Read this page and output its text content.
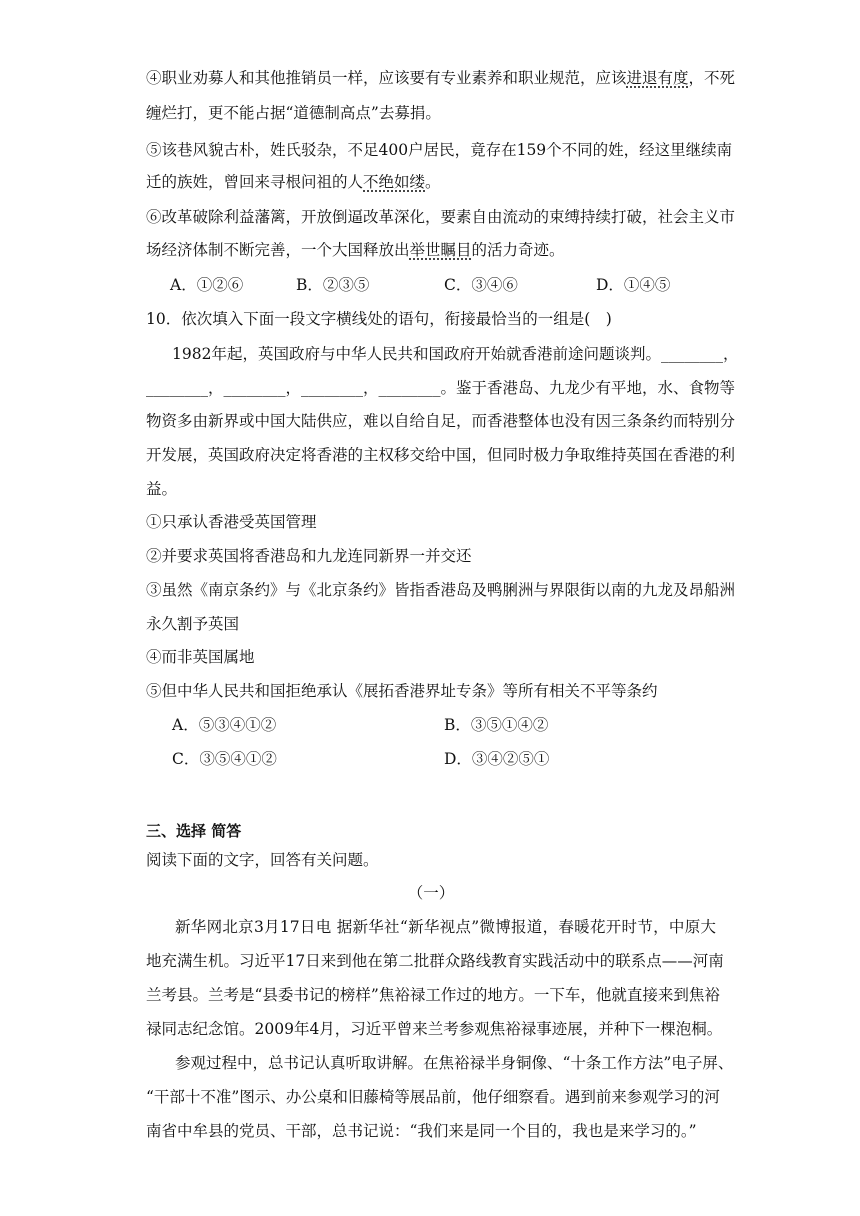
④职业劝募人和其他推销员一样，应该要有专业素养和职业规范，应该进退有度，不死
缠烂打，更不能占据“道德制高点”去募捐。
⑤该巷风貌古朴，姓氏驳杂，不足400户居民，竟存在159个不同的姓，经这里继续南
迁的族姓，曾回来寻根问祖的人不绝如缕。
⑥改革破除利益藩篱，开放倒逼改革深化，要素自由流动的束缚持续打破，社会主义市
场经济体制不断完善，一个大国释放出举世瞩目的活力奇迹。
A．①②⑥	B．②③⑤	C．③④⑥	D．①④⑤
10．依次填入下面一段文字横线处的语句，衔接最恰当的一组是(　)
1982年起，英国政府与中华人民共和国政府开始就香港前途问题谈判。________，
________，________，________，________。鉴于香港岛、九龙少有平地，水、食物等
物资多由新界或中国大陆供应，难以自给自足，而香港整体也没有因三条条约而特别分
开发展，英国政府决定将香港的主权移交给中国，但同时极力争取维持英国在香港的利
益。
①只承认香港受英国管理
②并要求英国将香港岛和九龙连同新界一并交还
③虽然《南京条约》与《北京条约》皆指香港岛及鸭脷洲与界限街以南的九龙及昂船洲
永久割予英国
④而非英国属地
⑤但中华人民共和国拒绝承认《展拓香港界址专条》等所有相关不平等条约
A．⑤③④①②	B．③⑤①④②
C．③⑤④①②	D．③④②⑤①
三、选择 简答
阅读下面的文字，回答有关问题。
（一）
新华网北京3月17日电 据新华社“新华视点”微博报道，春暖花开时节，中原大
地充满生机。习近平17日来到他在第二批群众路线教育实践活动中的联系点——河南
兰考县。兰考是“县委书记的榜样”焦裕禄工作过的地方。一下车，他就直接来到焦裕
禄同志纪念馆。2009年4月，习近平曾来兰考参观焦裕禄事迹展，并种下一棵泡桐。
参观过程中，总书记认真听取讲解。在焦裕禄半身铜像、“十条工作方法”电子屏、
“干部十不准”图示、办公桌和旧藤椅等展品前，他仔细察看。遇到前来参观学习的河
南省中牟县的党员、干部，总书记说：“我们来是同一个目的，我也是来学习的。”
